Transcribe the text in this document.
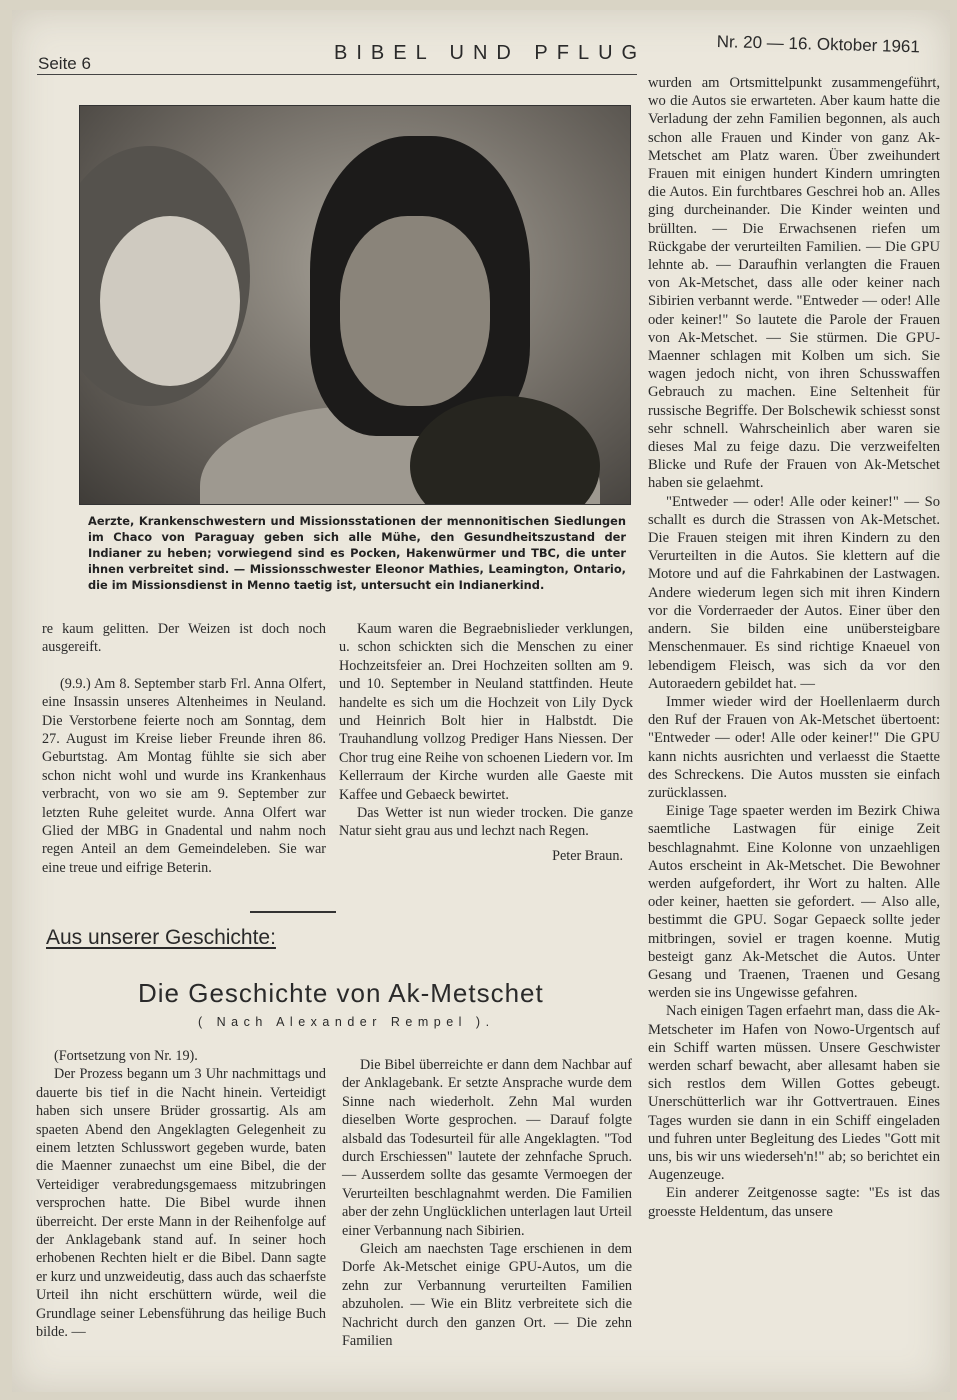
Seite 6	BIBEL UND PFLUG	Nr. 20 — 16. Oktober 1961
Aerzte, Krankenschwestern und Missionsstationen der mennonitischen Siedlungen im Chaco von Paraguay geben sich alle Mühe, den Gesundheitszustand der Indianer zu heben; vorwiegend sind es Pocken, Hakenwürmer und TBC, die unter ihnen verbreitet sind. — Missionsschwester Eleonor Mathies, Leamington, Ontario, die im Missionsdienst in Menno taetig ist, untersucht ein Indianerkind.

re kaum gelitten. Der Weizen ist doch noch ausgereift.

(9.9.) Am 8. September starb Frl. Anna Olfert, eine Insassin unseres Altenheimes in Neuland. Die Verstorbene feierte noch am Sonntag, dem 27. August im Kreise lieber Freunde ihren 86. Geburtstag. Am Montag fühlte sie sich aber schon nicht wohl und wurde ins Krankenhaus verbracht, von wo sie am 9. September zur letzten Ruhe geleitet wurde. Anna Olfert war Glied der MBG in Gnadental und nahm noch regen Anteil an dem Gemeindeleben. Sie war eine treue und eifrige Beterin.

Kaum waren die Begraebnislieder verklungen, u. schon schickten sich die Menschen zu einer Hochzeitsfeier an. Drei Hochzeiten sollten am 9. und 10. September in Neuland stattfinden. Heute handelte es sich um die Hochzeit von Lily Dyck und Heinrich Bolt hier in Halbstdt. Die Trauhandlung vollzog Prediger Hans Niessen. Der Chor trug eine Reihe von schoenen Liedern vor. Im Kellerraum der Kirche wurden alle Gaeste mit Kaffee und Gebaeck bewirtet.

Das Wetter ist nun wieder trocken. Die ganze Natur sieht grau aus und lechzt nach Regen.

Peter Braun.

Aus unserer Geschichte:
Die Geschichte von Ak-Metschet
( Nach Alexander Rempel ).

(Fortsetzung von Nr. 19).

Der Prozess begann um 3 Uhr nachmittags und dauerte bis tief in die Nacht hinein. Verteidigt haben sich unsere Brüder grossartig. Als am spaeten Abend den Angeklagten Gelegenheit zu einem letzten Schlusswort gegeben wurde, baten die Maenner zunaechst um eine Bibel, die der Verteidiger verabredungsgemaess mitzubringen versprochen hatte. Die Bibel wurde ihnen überreicht. Der erste Mann in der Reihenfolge auf der Anklagebank stand auf. In seiner hoch erhobenen Rechten hielt er die Bibel. Dann sagte er kurz und unzweideutig, dass auch das schaerfste Urteil ihn nicht erschüttern würde, weil die Grundlage seiner Lebensführung das heilige Buch bilde. —

Die Bibel überreichte er dann dem Nachbar auf der Anklagebank. Er setzte Ansprache wurde dem Sinne nach wiederholt. Zehn Mal wurden dieselben Worte gesprochen. — Darauf folgte alsbald das Todesurteil für alle Angeklagten. "Tod durch Erschiessen" lautete der zehnfache Spruch. — Ausserdem sollte das gesamte Vermoegen der Verurteilten beschlagnahmt werden. Die Familien aber der zehn Unglücklichen unterlagen laut Urteil einer Verbannung nach Sibirien.

Gleich am naechsten Tage erschienen in dem Dorfe Ak-Metschet einige GPU-Autos, um die zehn zur Verbannung verurteilten Familien abzuholen. — Wie ein Blitz verbreitete sich die Nachricht durch den ganzen Ort. — Die zehn Familien

wurden am Ortsmittelpunkt zusammengeführt, wo die Autos sie erwarteten. Aber kaum hatte die Verladung der zehn Familien begonnen, als auch schon alle Frauen und Kinder von ganz Ak-Metschet am Platz waren. Über zweihundert Frauen mit einigen hundert Kindern umringten die Autos. Ein furchtbares Geschrei hob an. Alles ging durcheinander. Die Kinder weinten und brüllten. — Die Erwachsenen riefen um Rückgabe der verurteilten Familien. — Die GPU lehnte ab. — Daraufhin verlangten die Frauen von Ak-Metschet, dass alle oder keiner nach Sibirien verbannt werde. "Entweder — oder! Alle oder keiner!" So lautete die Parole der Frauen von Ak-Metschet. — Sie stürmen. Die GPU-Maenner schlagen mit Kolben um sich. Sie wagen jedoch nicht, von ihren Schusswaffen Gebrauch zu machen. Eine Seltenheit für russische Begriffe. Der Bolschewik schiesst sonst sehr schnell. Wahrscheinlich aber waren sie dieses Mal zu feige dazu. Die verzweifelten Blicke und Rufe der Frauen von Ak-Metschet haben sie gelaehmt.

"Entweder — oder! Alle oder keiner!" — So schallt es durch die Strassen von Ak-Metschet. Die Frauen steigen mit ihren Kindern zu den Verurteilten in die Autos. Sie klettern auf die Motore und auf die Fahrkabinen der Lastwagen. Andere wiederum legen sich mit ihren Kindern vor die Vorderraeder der Autos. Einer über den andern. Sie bilden eine unübersteigbare Menschenmauer. Es sind richtige Knaeuel von lebendigem Fleisch, was sich da vor den Autoraedern gebildet hat. —

Immer wieder wird der Hoellenlaerm durch den Ruf der Frauen von Ak-Metschet übertoent: "Entweder — oder! Alle oder keiner!" Die GPU kann nichts ausrichten und verlaesst die Staette des Schreckens. Die Autos mussten sie einfach zurücklassen.

Einige Tage spaeter werden im Bezirk Chiwa saemtliche Lastwagen für einige Zeit beschlagnahmt. Eine Kolonne von unzaehligen Autos erscheint in Ak-Metschet. Die Bewohner werden aufgefordert, ihr Wort zu halten. Alle oder keiner, haetten sie gefordert. — Also alle, bestimmt die GPU. Sogar Gepaeck sollte jeder mitbringen, soviel er tragen koenne. Mutig besteigt ganz Ak-Metschet die Autos. Unter Gesang und Traenen, Traenen und Gesang werden sie ins Ungewisse gefahren.

Nach einigen Tagen erfaehrt man, dass die Ak-Metscheter im Hafen von Nowo-Urgentsch auf ein Schiff warten müssen. Unsere Geschwister werden scharf bewacht, aber allesamt haben sie sich restlos dem Willen Gottes gebeugt. Unerschütterlich war ihr Gottvertrauen. Eines Tages wurden sie dann in ein Schiff eingeladen und fuhren unter Begleitung des Liedes "Gott mit uns, bis wir uns wiederseh'n!" ab; so berichtet ein Augenzeuge.

Ein anderer Zeitgenosse sagte: "Es ist das groesste Heldentum, das unsere
